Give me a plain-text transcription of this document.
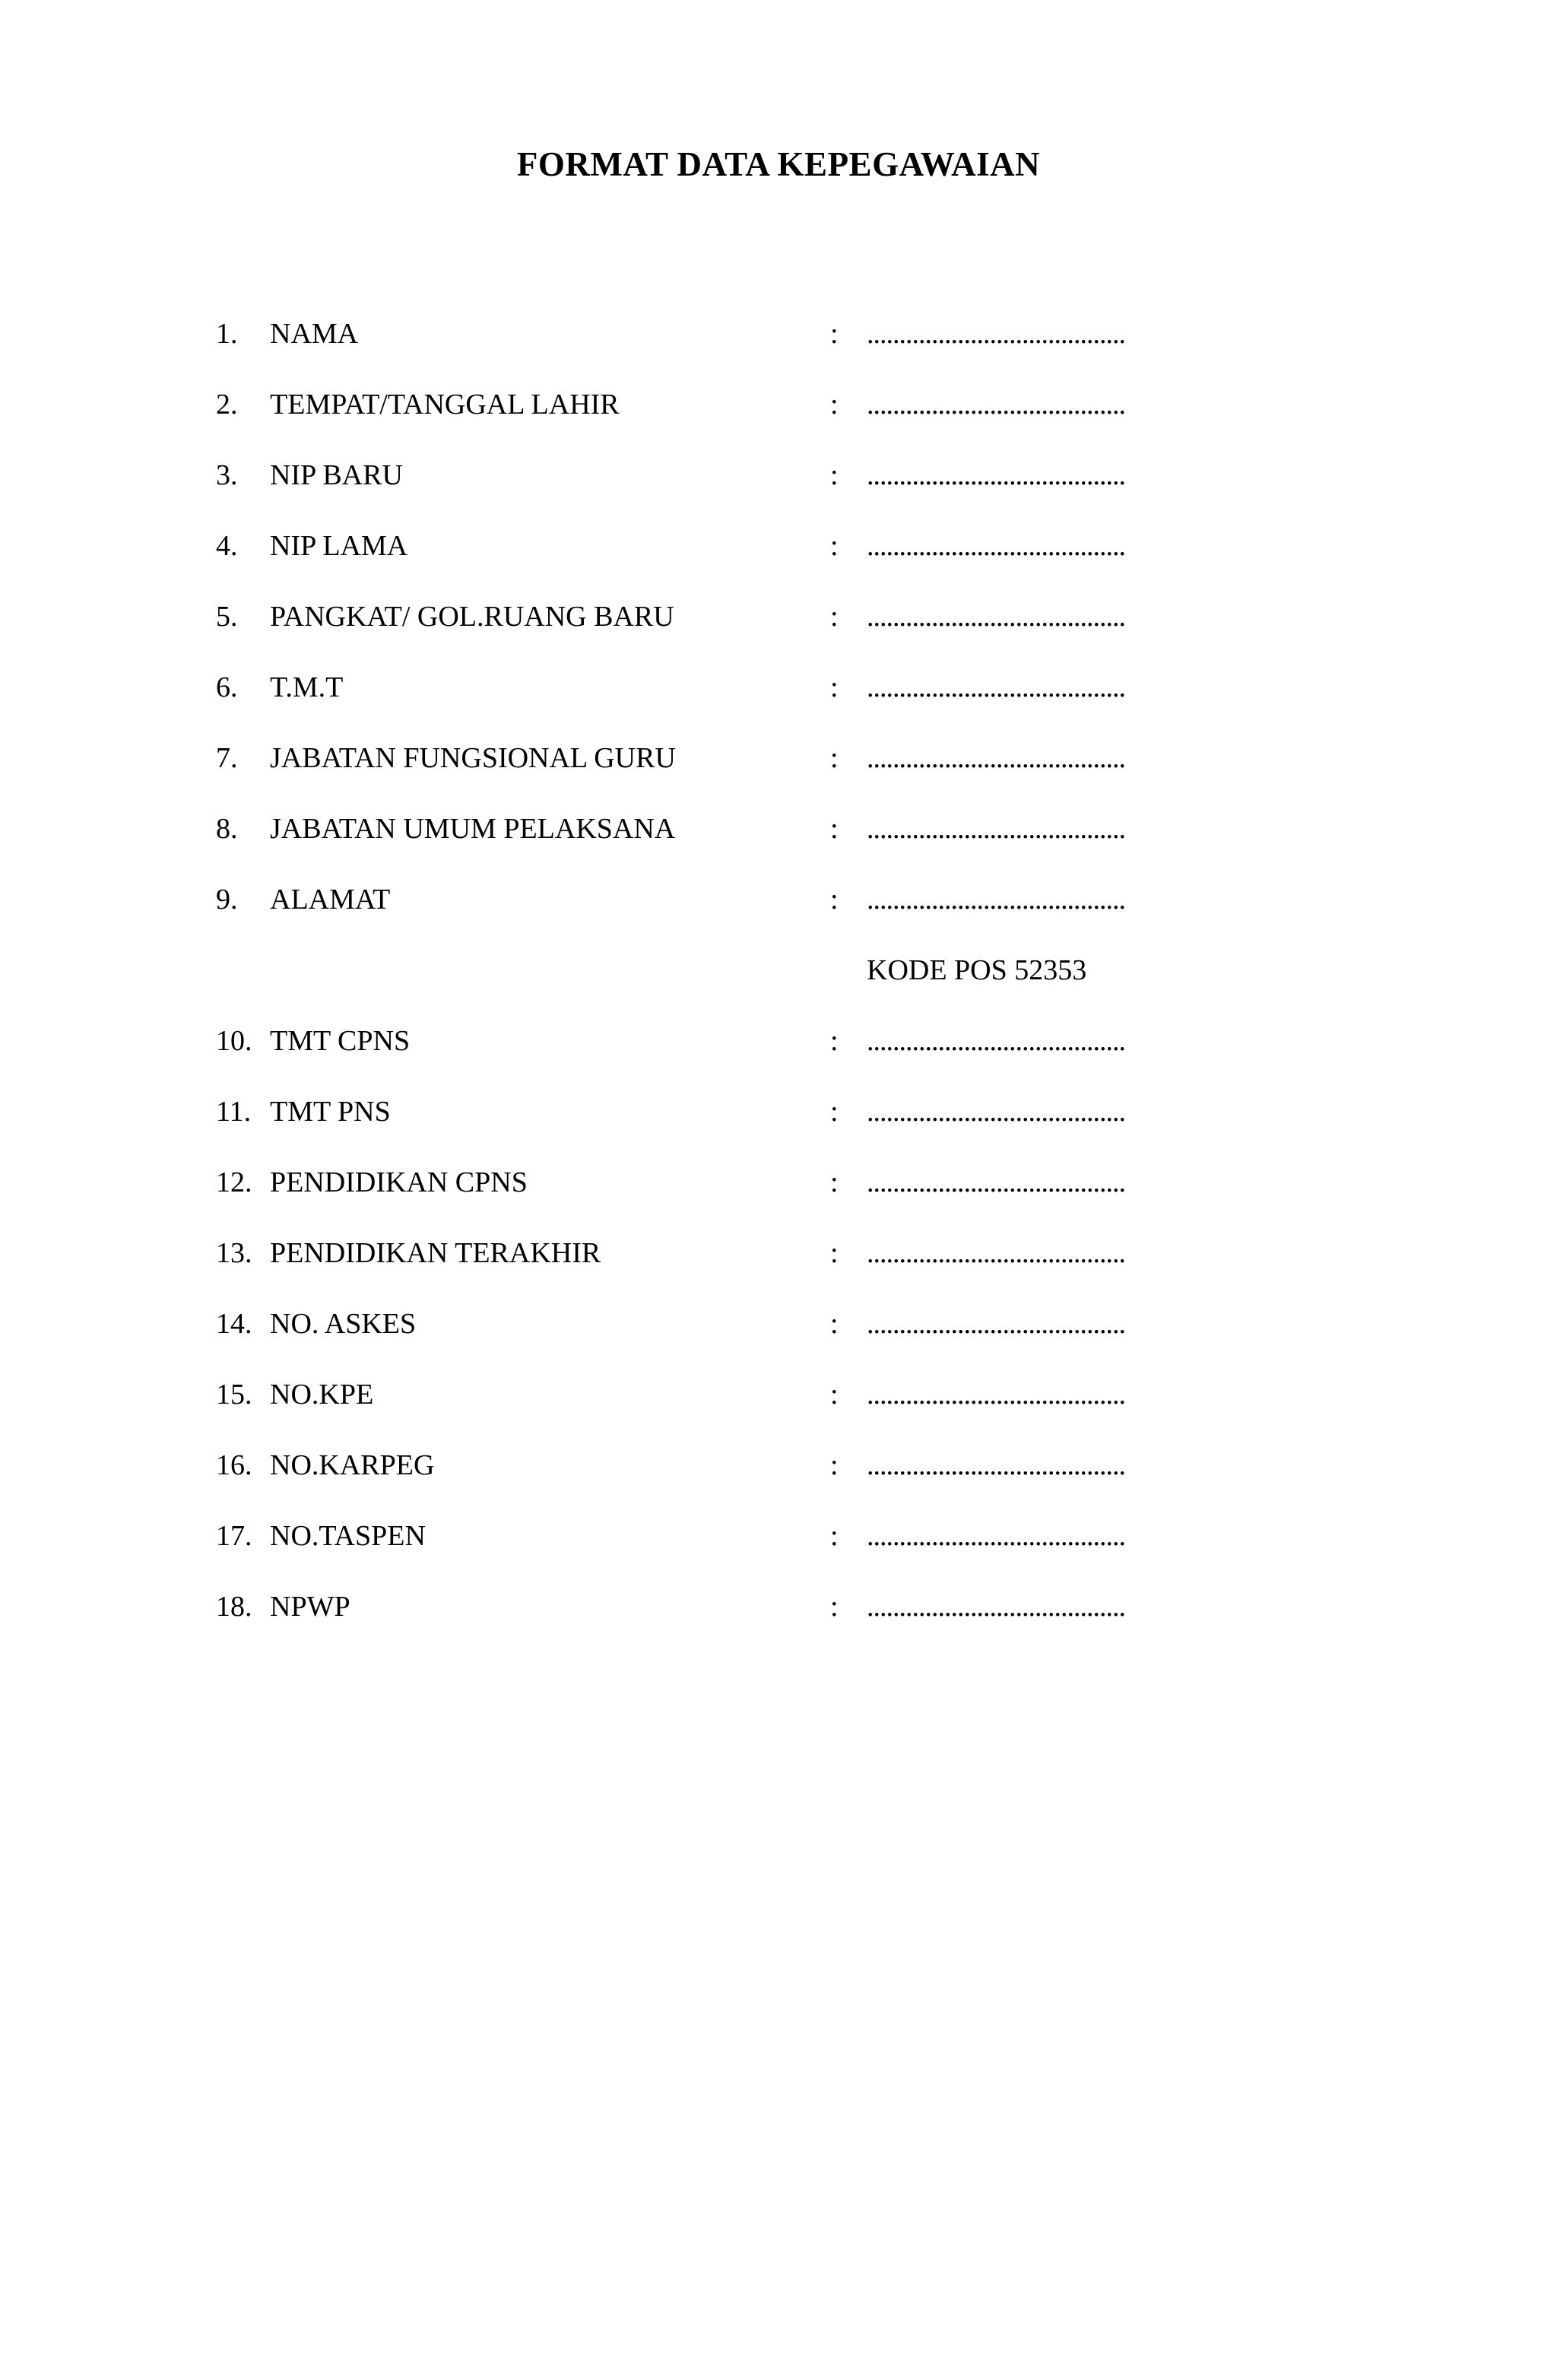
FORMAT DATA KEPEGAWAIAN
1. NAMA	: ........................................
2. TEMPAT/TANGGAL LAHIR	: ........................................
3. NIP BARU	: ........................................
4. NIP LAMA	: ........................................
5. PANGKAT/ GOL.RUANG BARU	: ........................................
6. T.M.T	: ........................................
7. JABATAN FUNGSIONAL GURU	: ........................................
8. JABATAN UMUM PELAKSANA	: ........................................
9. ALAMAT	: ........................................
KODE POS 52353
10. TMT CPNS	: ........................................
11. TMT PNS	: ........................................
12. PENDIDIKAN CPNS	: ........................................
13. PENDIDIKAN TERAKHIR	: ........................................
14. NO. ASKES	: ........................................
15. NO.KPE	: ........................................
16. NO.KARPEG	: ........................................
17. NO.TASPEN	: ........................................
18. NPWP	: ........................................
